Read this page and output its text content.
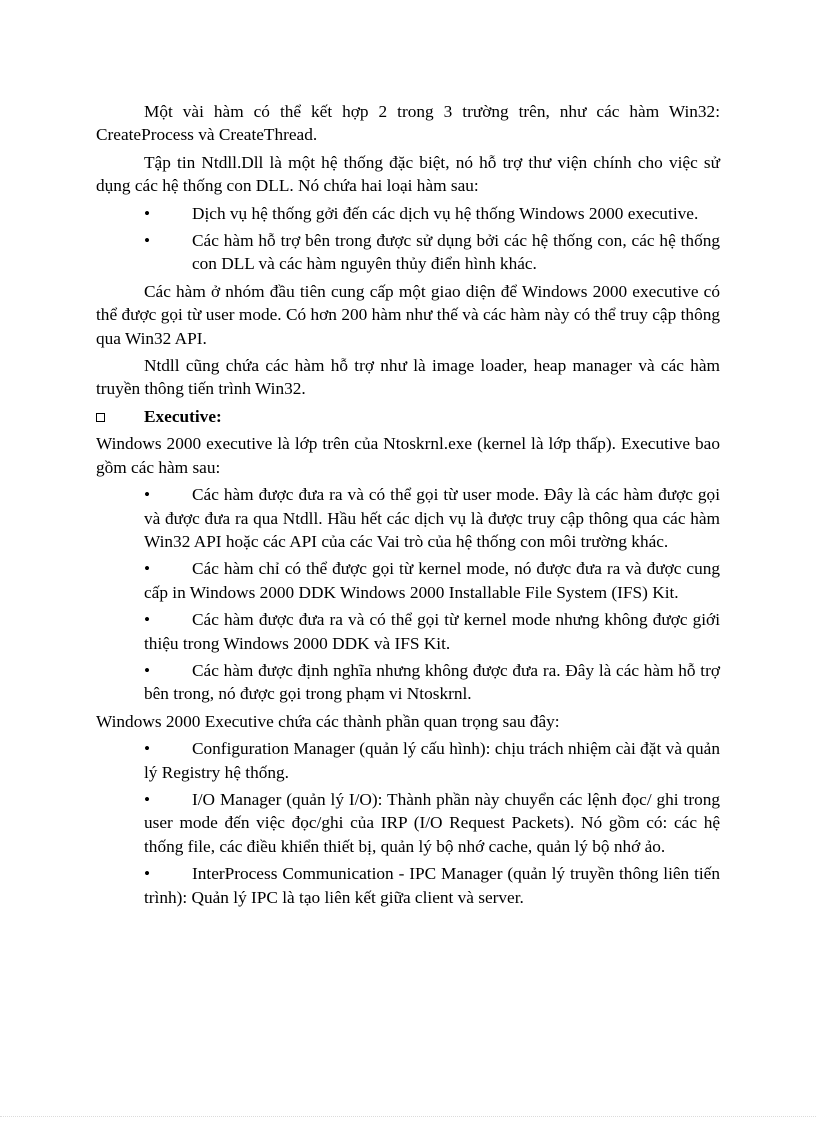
Một vài hàm có thể kết hợp 2 trong 3 trường trên, như các hàm Win32: CreateProcess và CreateThread.

Tập tin Ntdll.Dll là một hệ thống đặc biệt, nó hỗ trợ thư viện chính cho việc sử dụng các hệ thống con DLL. Nó chứa hai loại hàm sau:

• Dịch vụ hệ thống gởi đến các dịch vụ hệ thống Windows 2000 executive.
• Các hàm hỗ trợ bên trong được sử dụng bởi các hệ thống con, các hệ thống con DLL và các hàm nguyên thủy điển hình khác.

Các hàm ở nhóm đầu tiên cung cấp một giao diện để Windows 2000 executive có thể được gọi từ user mode. Có hơn 200 hàm như thế và các hàm này có thể truy cập thông qua Win32 API.

Ntdll cũng chứa các hàm hỗ trợ như là image loader, heap manager và các hàm truyền thông tiến trình Win32.

Executive:

Windows 2000 executive là lớp trên của Ntoskrnl.exe (kernel là lớp thấp). Executive bao gồm các hàm sau:

• Các hàm được đưa ra và có thể gọi từ user mode. Đây là các hàm được gọi và được đưa ra qua Ntdll. Hầu hết các dịch vụ là được truy cập thông qua các hàm Win32 API hoặc các API của các Vai trò của hệ thống con môi trường khác.
• Các hàm chỉ có thể được gọi từ kernel mode, nó được đưa ra và được cung cấp in Windows 2000 DDK Windows 2000 Installable File System (IFS) Kit.
• Các hàm được đưa ra và có thể gọi từ kernel mode nhưng không được giới thiệu trong Windows 2000 DDK và IFS Kit.
• Các hàm được định nghĩa nhưng không được đưa ra. Đây là các hàm hỗ trợ bên trong, nó được gọi trong phạm vi Ntoskrnl.

Windows 2000 Executive chứa các thành phần quan trọng sau đây:

• Configuration Manager (quản lý cấu hình): chịu trách nhiệm cài đặt và quản lý Registry hệ thống.
• I/O Manager (quản lý I/O): Thành phần này chuyển các lệnh đọc/ ghi trong user mode đến việc đọc/ghi của IRP (I/O Request Packets). Nó gồm có: các hệ thống file, các điều khiển thiết bị, quản lý bộ nhớ cache, quản lý bộ nhớ ảo.
• InterProcess Communication - IPC Manager (quản lý truyền thông liên tiến trình): Quản lý IPC là tạo liên kết giữa client và server.
